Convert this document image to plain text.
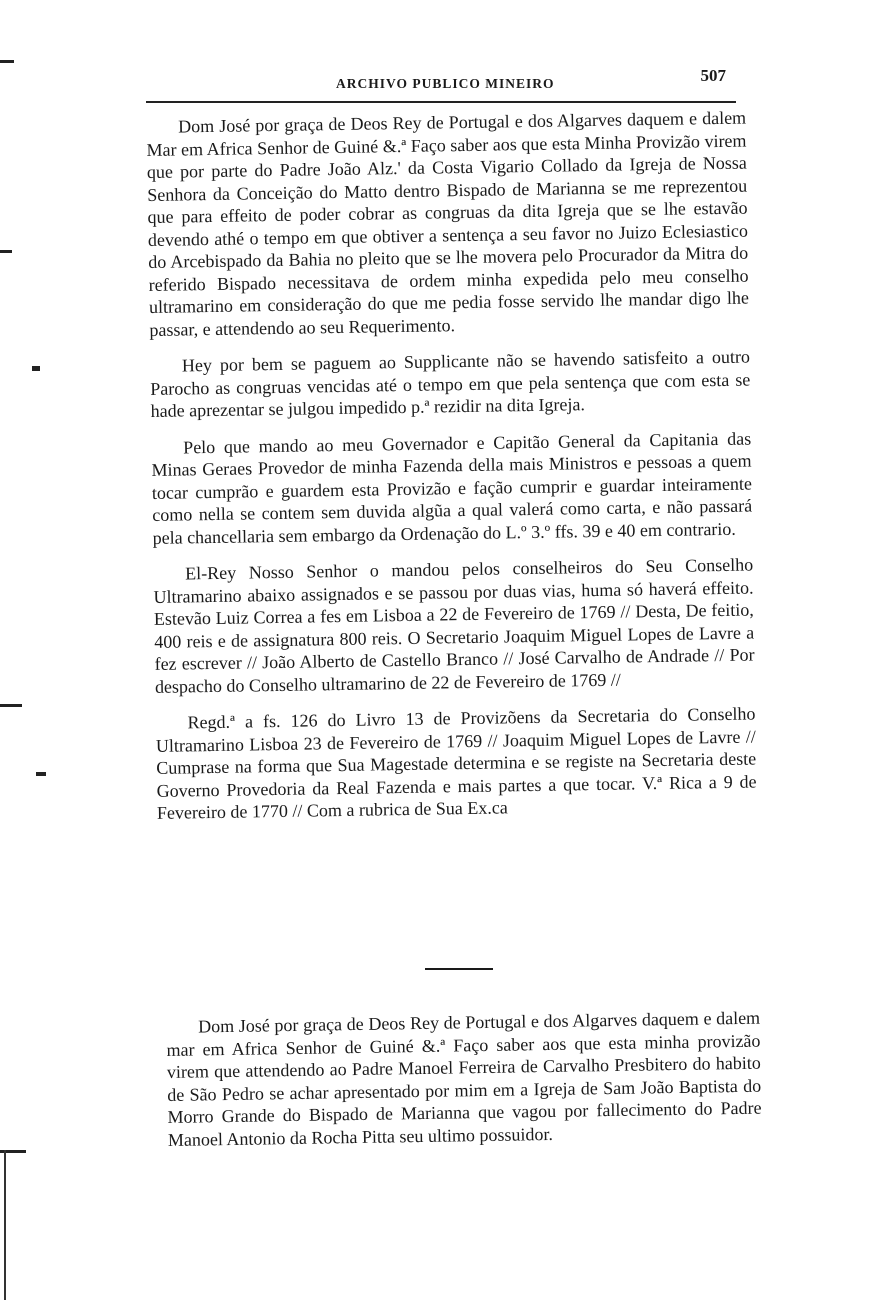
ARCHIVO PUBLICO MINEIRO	507

Dom José por graça de Deos Rey de Portugal e dos Algarves daquem e dalem Mar em Africa Senhor de Guiné &.ª Faço saber aos que esta Minha Provizão virem que por parte do Padre João Alz.' da Costa Vigario Collado da Igreja de Nossa Senhora da Conceição do Matto dentro Bispado de Marianna se me reprezentou que para effeito de poder cobrar as congruas da dita Igreja que se lhe estavão devendo athé o tempo em que obtiver a sentença a seu favor no Juizo Eclesiastico do Arcebispado da Bahia no pleito que se lhe movera pelo Procurador da Mitra do referido Bispado necessitava de ordem minha expedida pelo meu conselho ultramarino em consideração do que me pedia fosse servido lhe mandar digo lhe passar, e attendendo ao seu Requerimento.

Hey por bem se paguem ao Supplicante não se havendo satisfeito a outro Parocho as congruas vencidas até o tempo em que pela sentença que com esta se hade aprezentar se julgou impedido p.ª rezidir na dita Igreja.

Pelo que mando ao meu Governador e Capitão General da Capitania das Minas Geraes Provedor de minha Fazenda della mais Ministros e pessoas a quem tocar cumprão e guardem esta Provizão e fação cumprir e guardar inteiramente como nella se contem sem duvida algũa a qual valerá como carta, e não passará pela chancellaria sem embargo da Ordenação do L.º 3.º ffs. 39 e 40 em contrario.

El-Rey Nosso Senhor o mandou pelos conselheiros do Seu Conselho Ultramarino abaixo assignados e se passou por duas vias, huma só haverá effeito. Estevão Luiz Correa a fes em Lisboa a 22 de Fevereiro de 1769 // Desta, De feitio, 400 reis e de assignatura 800 reis. O Secretario Joaquim Miguel Lopes de Lavre a fez escrever // João Alberto de Castello Branco // José Carvalho de Andrade // Por despacho do Conselho ultramarino de 22 de Fevereiro de 1769 //

Regd.ª a fs. 126 do Livro 13 de Provizõens da Secretaria do Conselho Ultramarino Lisboa 23 de Fevereiro de 1769 // Joaquim Miguel Lopes de Lavre // Cumprase na forma que Sua Magestade determina e se registe na Secretaria deste Governo Provedoria da Real Fazenda e mais partes a que tocar. V.ª Rica a 9 de Fevereiro de 1770 // Com a rubrica de Sua Ex.ca

Dom José por graça de Deos Rey de Portugal e dos Algarves daquem e dalem mar em Africa Senhor de Guiné &.ª Faço saber aos que esta minha provizão virem que attendendo ao Padre Manoel Ferreira de Carvalho Presbitero do habito de São Pedro se achar apresentado por mim em a Igreja de Sam João Baptista do Morro Grande do Bispado de Marianna que vagou por fallecimento do Padre Manoel Antonio da Rocha Pitta seu ultimo possuidor.
